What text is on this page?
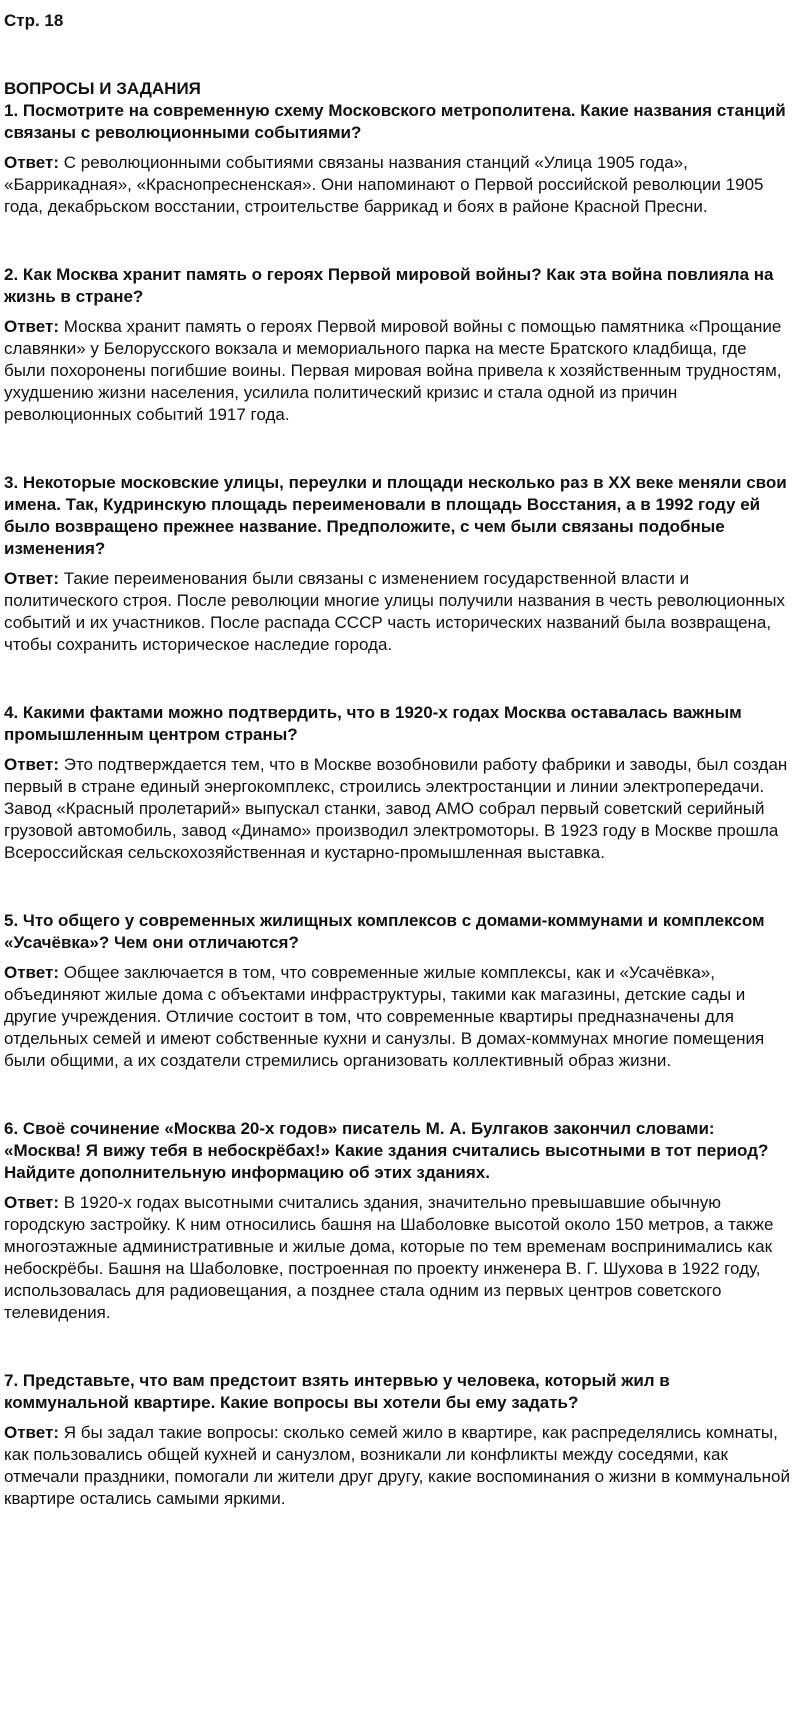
Стр. 18

ВОПРОСЫ И ЗАДАНИЯ

1. Посмотрите на современную схему Московского метрополитена. Какие названия станций связаны с революционными событиями?

Ответ: С революционными событиями связаны названия станций «Улица 1905 года», «Баррикадная», «Краснопресненская». Они напоминают о Первой российской революции 1905 года, декабрьском восстании, строительстве баррикад и боях в районе Красной Пресни.

2. Как Москва хранит память о героях Первой мировой войны? Как эта война повлияла на жизнь в стране?

Ответ: Москва хранит память о героях Первой мировой войны с помощью памятника «Прощание славянки» у Белорусского вокзала и мемориального парка на месте Братского кладбища, где были похоронены погибшие воины. Первая мировая война привела к хозяйственным трудностям, ухудшению жизни населения, усилила политический кризис и стала одной из причин революционных событий 1917 года.

3. Некоторые московские улицы, переулки и площади несколько раз в XX веке меняли свои имена. Так, Кудринскую площадь переименовали в площадь Восстания, а в 1992 году ей было возвращено прежнее название. Предположите, с чем были связаны подобные изменения?

Ответ: Такие переименования были связаны с изменением государственной власти и политического строя. После революции многие улицы получили названия в честь революционных событий и их участников. После распада СССР часть исторических названий была возвращена, чтобы сохранить историческое наследие города.

4. Какими фактами можно подтвердить, что в 1920-х годах Москва оставалась важным промышленным центром страны?

Ответ: Это подтверждается тем, что в Москве возобновили работу фабрики и заводы, был создан первый в стране единый энергокомплекс, строились электростанции и линии электропередачи. Завод «Красный пролетарий» выпускал станки, завод АМО собрал первый советский серийный грузовой автомобиль, завод «Динамо» производил электромоторы. В 1923 году в Москве прошла Всероссийская сельскохозяйственная и кустарно-промышленная выставка.

5. Что общего у современных жилищных комплексов с домами-коммунами и комплексом «Усачёвка»? Чем они отличаются?

Ответ: Общее заключается в том, что современные жилые комплексы, как и «Усачёвка», объединяют жилые дома с объектами инфраструктуры, такими как магазины, детские сады и другие учреждения. Отличие состоит в том, что современные квартиры предназначены для отдельных семей и имеют собственные кухни и санузлы. В домах-коммунах многие помещения были общими, а их создатели стремились организовать коллективный образ жизни.

6. Своё сочинение «Москва 20-х годов» писатель М. А. Булгаков закончил словами: «Москва! Я вижу тебя в небоскрёбах!» Какие здания считались высотными в тот период? Найдите дополнительную информацию об этих зданиях.

Ответ: В 1920-х годах высотными считались здания, значительно превышавшие обычную городскую застройку. К ним относились башня на Шаболовке высотой около 150 метров, а также многоэтажные административные и жилые дома, которые по тем временам воспринимались как небоскрёбы. Башня на Шаболовке, построенная по проекту инженера В. Г. Шухова в 1922 году, использовалась для радиовещания, а позднее стала одним из первых центров советского телевидения.

7. Представьте, что вам предстоит взять интервью у человека, который жил в коммунальной квартире. Какие вопросы вы хотели бы ему задать?

Ответ: Я бы задал такие вопросы: сколько семей жило в квартире, как распределялись комнаты, как пользовались общей кухней и санузлом, возникали ли конфликты между соседями, как отмечали праздники, помогали ли жители друг другу, какие воспоминания о жизни в коммунальной квартире остались самыми яркими.
